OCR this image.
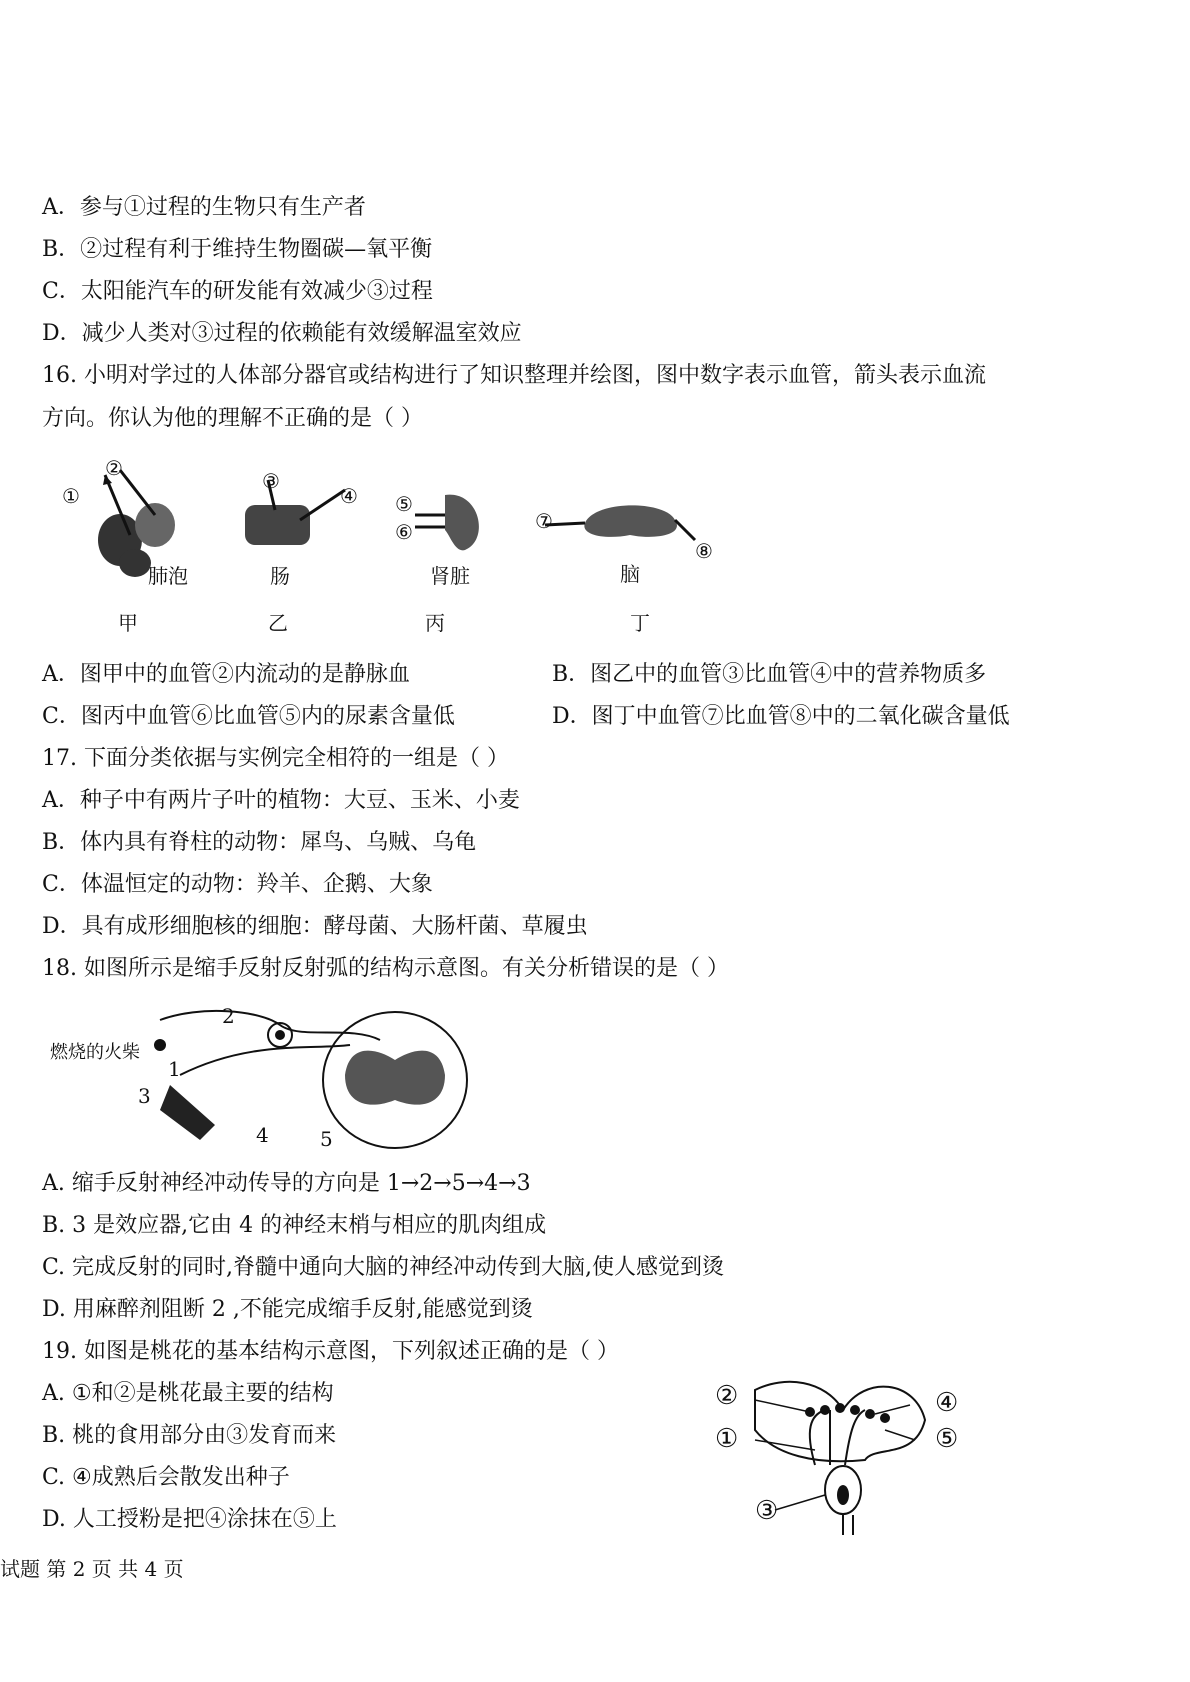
A．参与①过程的生物只有生产者
B．②过程有利于维持生物圈碳—氧平衡
C．太阳能汽车的研发能有效减少③过程
D．减少人类对③过程的依赖能有效缓解温室效应
16. 小明对学过的人体部分器官或结构进行了知识整理并绘图，图中数字表示血管，箭头表示血流
方向。你认为他的理解不正确的是（ ）
①
②
肺泡
甲
③
④
肠
乙
⑤
⑥
肾脏
丙
⑦
⑧
脑
丁
A．图甲中的血管②内流动的是静脉血	B．图乙中的血管③比血管④中的营养物质多
C．图丙中血管⑥比血管⑤内的尿素含量低	D．图丁中血管⑦比血管⑧中的二氧化碳含量低
17. 下面分类依据与实例完全相符的一组是（ ）
A．种子中有两片子叶的植物：大豆、玉米、小麦
B．体内具有脊柱的动物：犀鸟、乌贼、乌龟
C．体温恒定的动物：羚羊、企鹅、大象
D．具有成形细胞核的细胞：酵母菌、大肠杆菌、草履虫
18. 如图所示是缩手反射反射弧的结构示意图。有关分析错误的是（ ）
燃烧的火柴
1
2
3
4	5
A. 缩手反射神经冲动传导的方向是 1→2→5→4→3
B. 3 是效应器,它由 4 的神经末梢与相应的肌肉组成
C. 完成反射的同时,脊髓中通向大脑的神经冲动传到大脑,使人感觉到烫
D. 用麻醉剂阻断 2 ,不能完成缩手反射,能感觉到烫
19. 如图是桃花的基本结构示意图，下列叙述正确的是（ ）
A. ①和②是桃花最主要的结构
B. 桃的食用部分由③发育而来
C. ④成熟后会散发出种子
D. 人工授粉是把④涂抹在⑤上
②
①
③
④
⑤
试题 第 2 页 共 4 页
